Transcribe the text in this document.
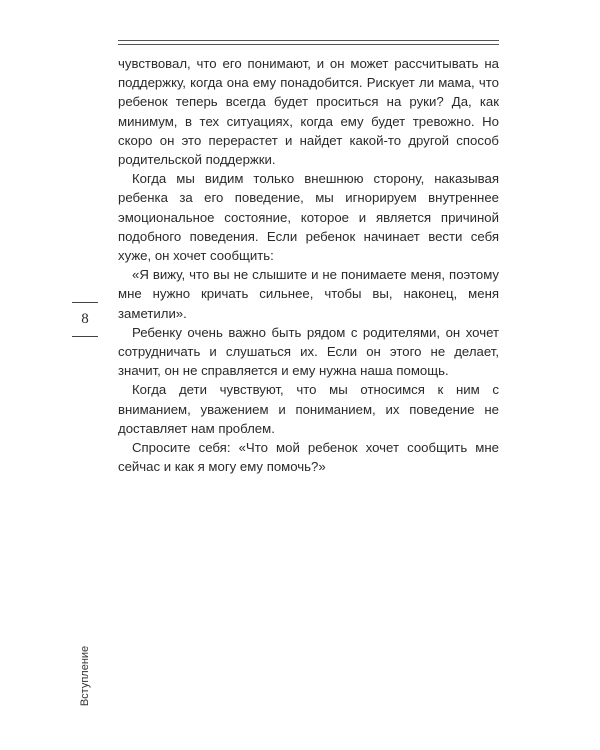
чувствовал, что его понимают, и он может рассчитывать на поддержку, когда она ему понадобится. Рискует ли мама, что ребенок теперь всегда будет проситься на руки? Да, как минимум, в тех ситуациях, когда ему будет тревожно. Но скоро он это перерастет и найдет какой-то другой способ родительской поддержки.

Когда мы видим только внешнюю сторону, наказывая ребенка за его поведение, мы игнорируем внутреннее эмоциональное состояние, которое и является причиной подобного поведения. Если ребенок начинает вести себя хуже, он хочет сообщить:

«Я вижу, что вы не слышите и не понимаете меня, поэтому мне нужно кричать сильнее, чтобы вы, наконец, меня заметили».

Ребенку очень важно быть рядом с родителями, он хочет сотрудничать и слушаться их. Если он этого не делает, значит, он не справляется и ему нужна наша помощь.

Когда дети чувствуют, что мы относимся к ним с вниманием, уважением и пониманием, их поведение не доставляет нам проблем.

Спросите себя: «Что мой ребенок хочет сообщить мне сейчас и как я могу ему помочь?»

8
Вступление
